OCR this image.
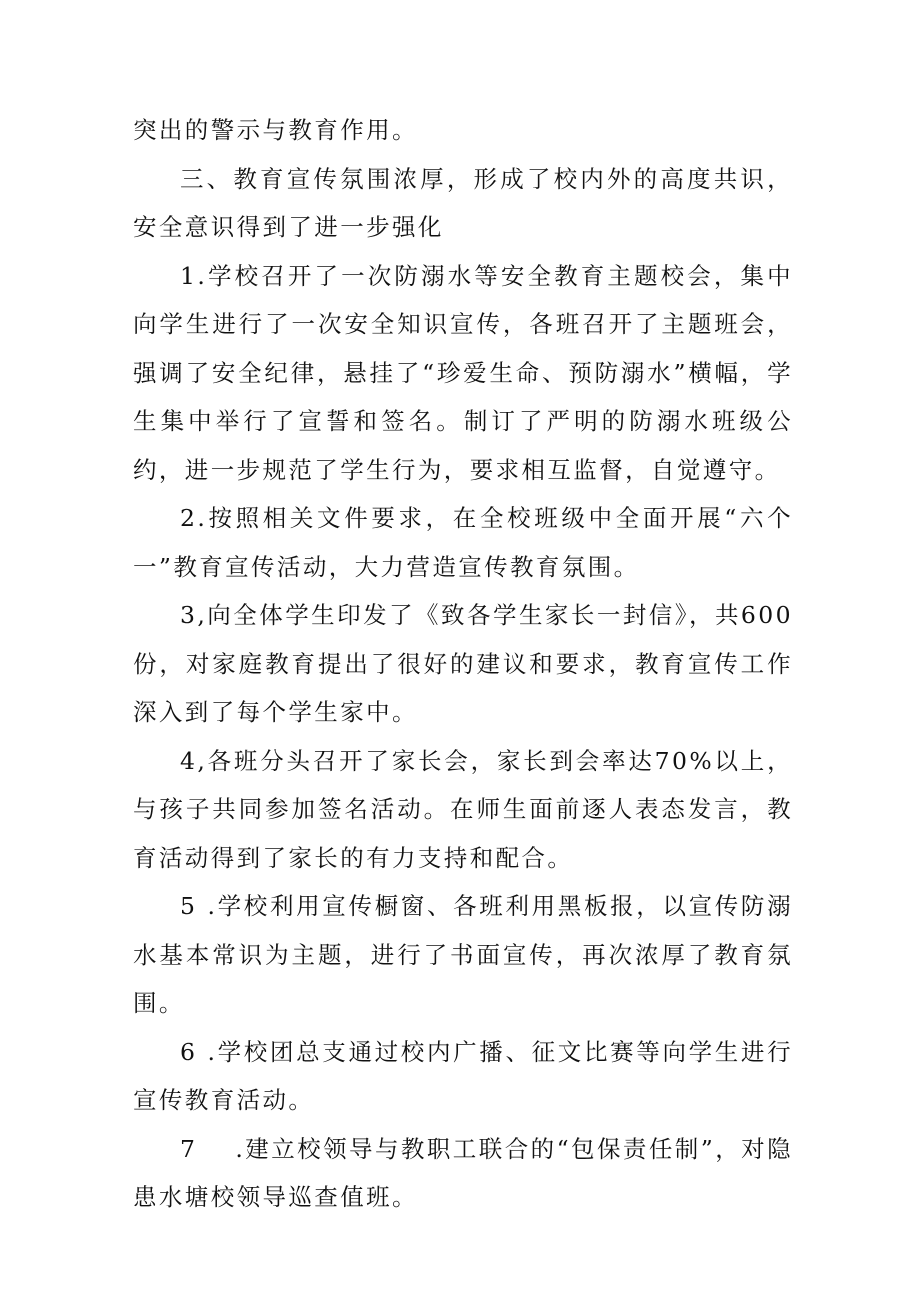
突出的警示与教育作用。

三、教育宣传氛围浓厚，形成了校内外的高度共识，安全意识得到了进一步强化

1.学校召开了一次防溺水等安全教育主题校会，集中向学生进行了一次安全知识宣传，各班召开了主题班会，强调了安全纪律，悬挂了“珍爱生命、预防溺水”横幅，学生集中举行了宣誓和签名。制订了严明的防溺水班级公约，进一步规范了学生行为，要求相互监督，自觉遵守。

2.按照相关文件要求，在全校班级中全面开展“六个一”教育宣传活动，大力营造宣传教育氛围。

3,向全体学生印发了《致各学生家长一封信》，共600份，对家庭教育提出了很好的建议和要求，教育宣传工作深入到了每个学生家中。

4,各班分头召开了家长会，家长到会率达70%以上，与孩子共同参加签名活动。在师生面前逐人表态发言，教育活动得到了家长的有力支持和配合。

5 .学校利用宣传橱窗、各班利用黑板报，以宣传防溺水基本常识为主题，进行了书面宣传，再次浓厚了教育氛围。

6 .学校团总支通过校内广播、征文比赛等向学生进行宣传教育活动。

7 .建立校领导与教职工联合的“包保责任制”，对隐患水塘校领导巡查值班。
